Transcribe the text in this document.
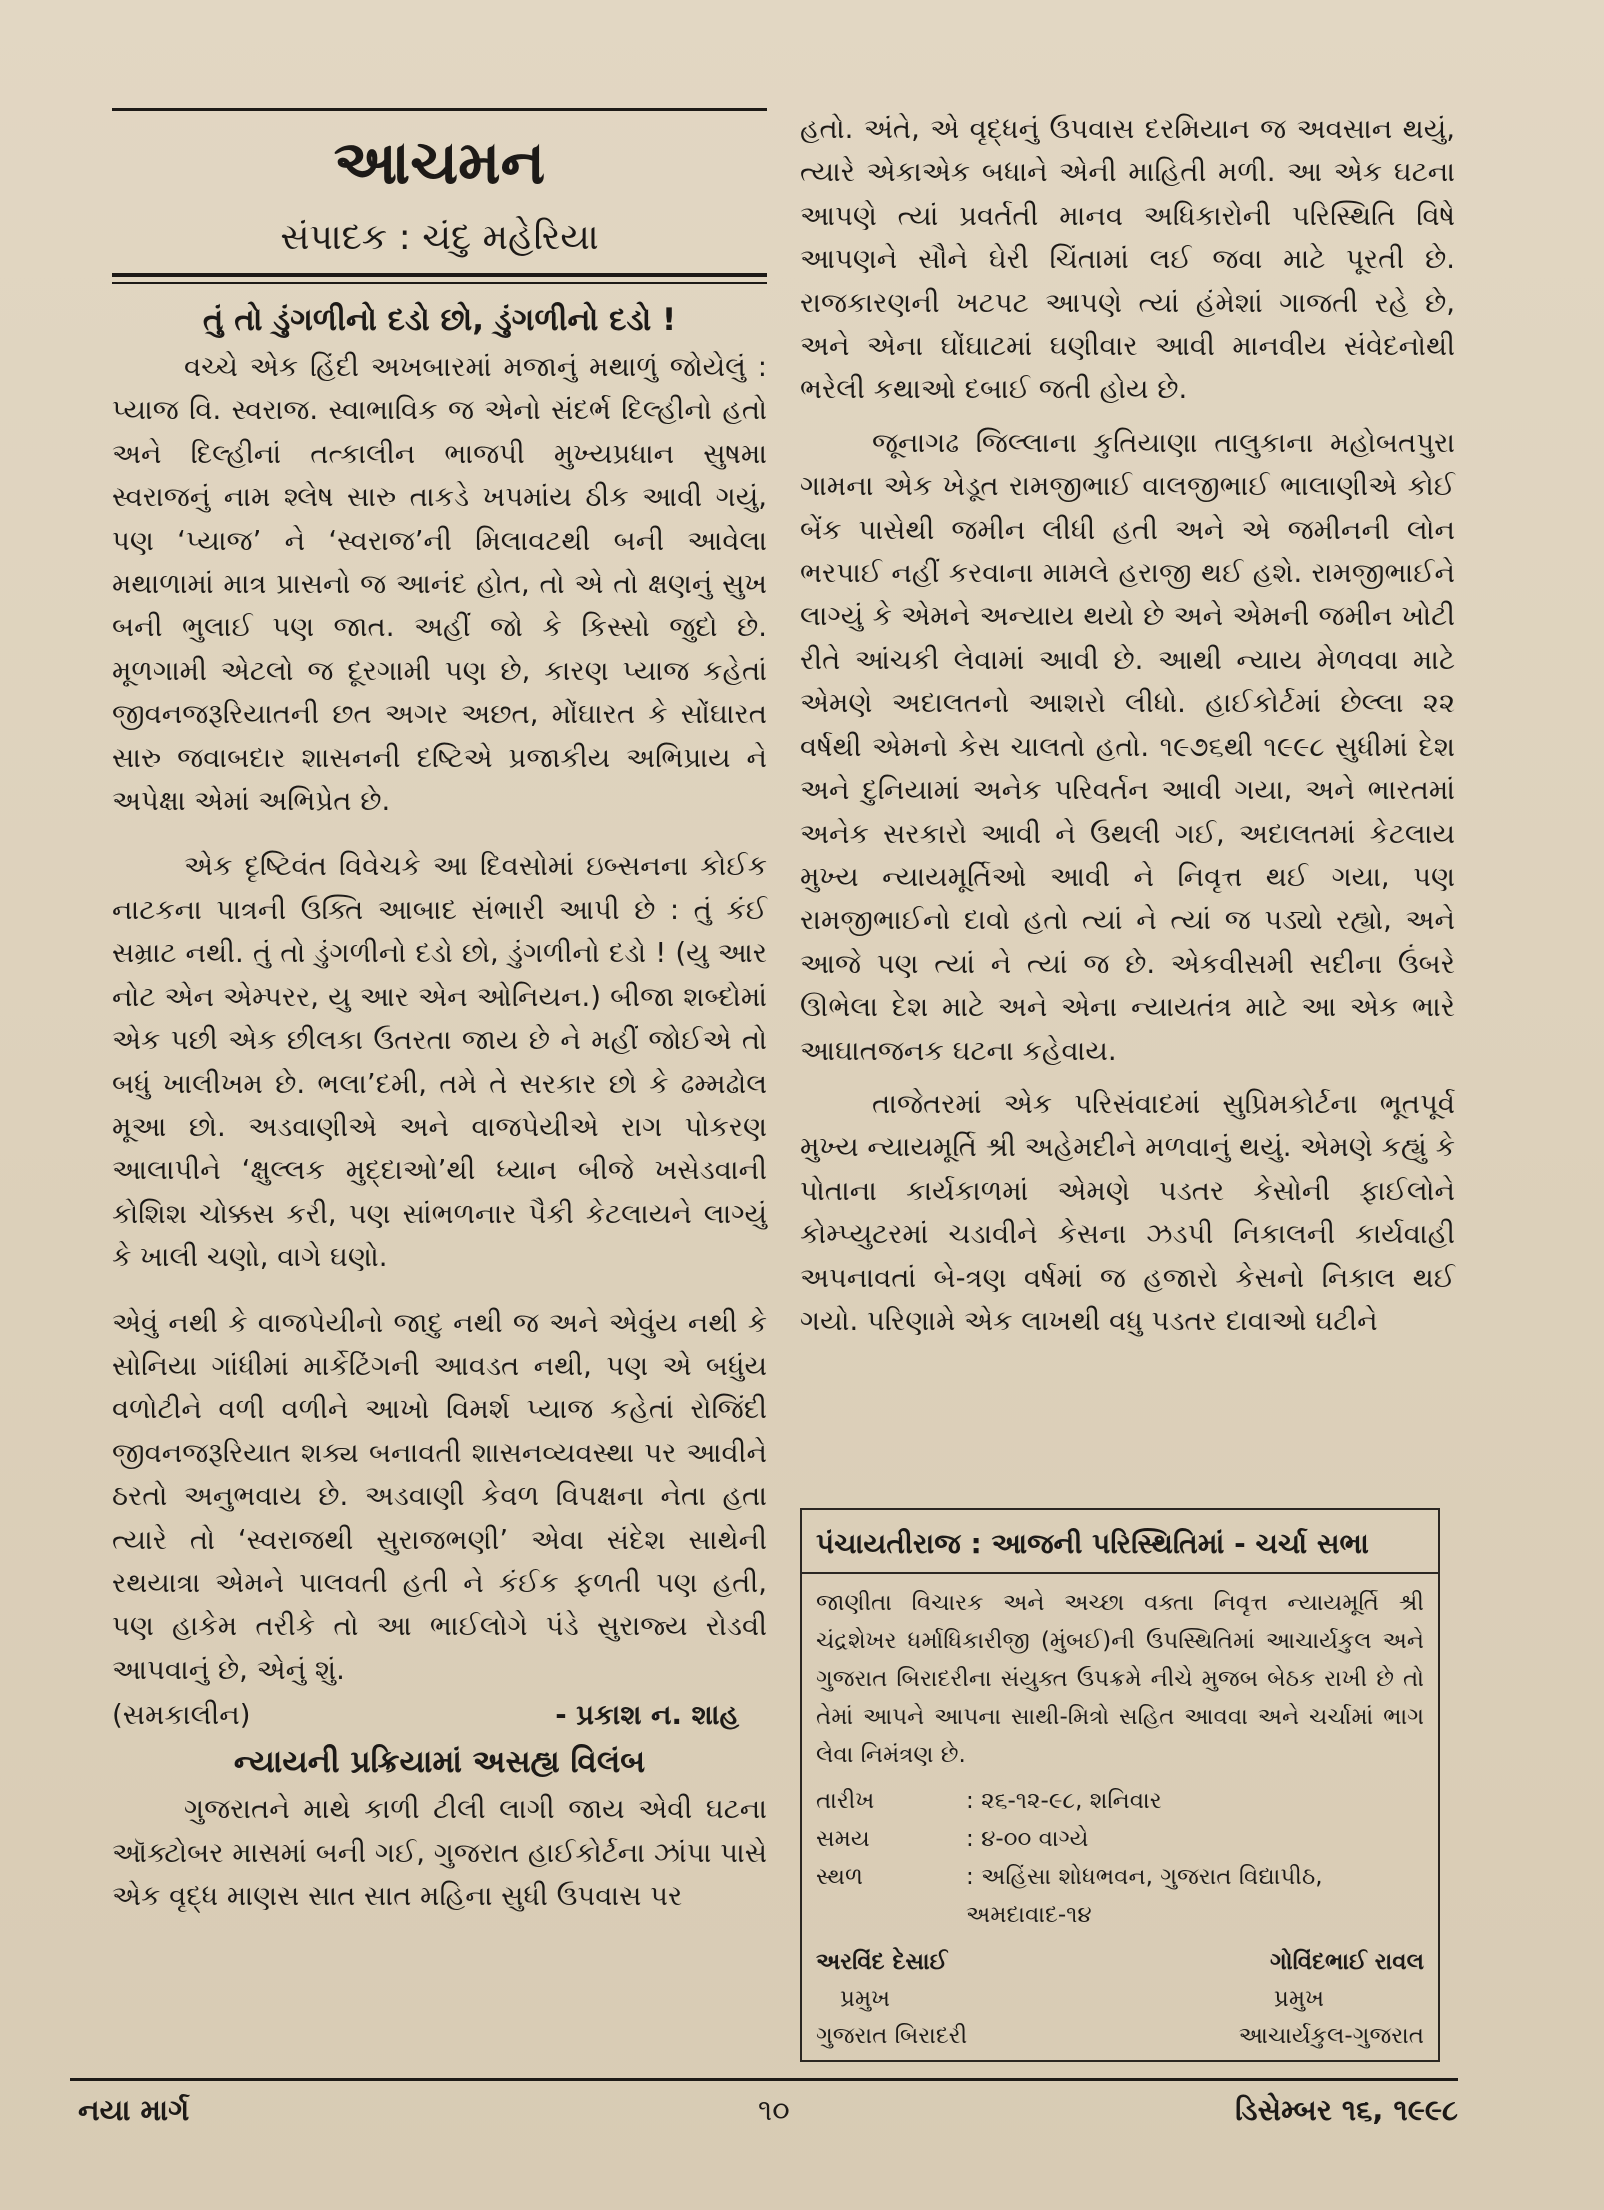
આચમન
સંપાદક : ચંદુ મહેરિયા
તું તો ડુંગળીનો દડો છો, ડુંગળીનો દડો !

વચ્ચે એક હિંદી અખબારમાં મજાનું મથાળું જોયેલું : પ્યાજ વિ. સ્વરાજ. સ્વાભાવિક જ એનો સંદર્ભ દિલ્હીનો હતો અને દિલ્હીનાં તત્કાલીન ભાજપી મુખ્યપ્રધાન સુષમા સ્વરાજનું નામ શ્લેષ સારુ તાકડે ખપમાંય ઠીક આવી ગયું, પણ ‘પ્યાજ’ ને ‘સ્વરાજ’ની મિલાવટથી બની આવેલા મથાળામાં માત્ર પ્રાસનો જ આનંદ હોત, તો એ તો ક્ષણનું સુખ બની ભુલાઈ પણ જાત. અહીં જો કે કિસ્સો જુદો છે. મૂળગામી એટલો જ દૂરગામી પણ છે, કારણ પ્યાજ કહેતાં જીવનજરૂરિયાતની છત અગર અછત, મોંઘારત કે સોંઘારત સારુ જવાબદાર શાસનની દષ્ટિએ પ્રજાકીય અભિપ્રાય ને અપેક્ષા એમાં અભિપ્રેત છે.

એક દૃષ્ટિવંત વિવેચકે આ દિવસોમાં ઇબ્સનના કોઈક નાટકના પાત્રની ઉક્તિ આબાદ સંભારી આપી છે : તું કંઈ સમ્રાટ નથી. તું તો ડુંગળીનો દડો છો, ડુંગળીનો દડો ! (યુ આર નોટ એન એમ્પરર, યુ આર એન ઓનિયન.) બીજા શબ્દોમાં એક પછી એક છીલકા ઉતરતા જાય છે ને મહીં જોઈએ તો બધું ખાલીખમ છે. ભલા’દમી, તમે તે સરકાર છો કે ઢમ્મઢોલ મૂઆ છો. અડવાણીએ અને વાજપેયીએ રાગ પોકરણ આલાપીને ‘ક્ષુલ્લક મુદ્દાઓ’થી ધ્યાન બીજે ખસેડવાની કોશિશ ચોક્કસ કરી, પણ સાંભળનાર પૈકી કેટલાયને લાગ્યું કે ખાલી ચણો, વાગે ઘણો.

એવું નથી કે વાજપેયીનો જાદુ નથી જ અને એવુંય નથી કે સોનિયા ગાંધીમાં માર્કેટિંગની આવડત નથી, પણ એ બધુંય વળોટીને વળી વળીને આખો વિમર્શ પ્યાજ કહેતાં રોજિંદી જીવનજરૂરિયાત શક્ય બનાવતી શાસનવ્યવસ્થા પર આવીને ઠરતો અનુભવાય છે. અડવાણી કેવળ વિપક્ષના નેતા હતા ત્યારે તો ‘સ્વરાજથી સુરાજભણી’ એવા સંદેશ સાથેની રથયાત્રા એમને પાલવતી હતી ને કંઈક ફળતી પણ હતી, પણ હાકેમ તરીકે તો આ ભાઈલોગે પંડે સુરાજ્ય રોડવી આપવાનું છે, એનું શું.

(સમકાલીન)	- પ્રકાશ ન. શાહ
ન્યાયની પ્રક્રિયામાં અસહ્ય વિલંબ

ગુજરાતને માથે કાળી ટીલી લાગી જાય એવી ઘટના ઑક્ટોબર માસમાં બની ગઈ, ગુજરાત હાઈકોર્ટના ઝાંપા પાસે એક વૃદ્ધ માણસ સાત સાત મહિના સુધી ઉપવાસ પર

હતો. અંતે, એ વૃદ્ધનું ઉપવાસ દરમિયાન જ અવસાન થયું, ત્યારે એકાએક બધાને એની માહિતી મળી. આ એક ઘટના આપણે ત્યાં પ્રવર્તતી માનવ અધિકારોની પરિસ્થિતિ વિષે આપણને સૌને ઘેરી ચિંતામાં લઈ જવા માટે પૂરતી છે. રાજકારણની ખટપટ આપણે ત્યાં હંમેશાં ગાજતી રહે છે, અને એના ઘોંઘાટમાં ઘણીવાર આવી માનવીય સંવેદનોથી ભરેલી કથાઓ દબાઈ જતી હોય છે.

જૂનાગઢ જિલ્લાના કુતિયાણા તાલુકાના મહોબતપુરા ગામના એક ખેડૂત રામજીભાઈ વાલજીભાઈ ભાલાણીએ કોઈ બેંક પાસેથી જમીન લીધી હતી અને એ જમીનની લોન ભરપાઈ નહીં કરવાના મામલે હરાજી થઈ હશે. રામજીભાઈને લાગ્યું કે એમને અન્યાય થયો છે અને એમની જમીન ખોટી રીતે આંચકી લેવામાં આવી છે. આથી ન્યાય મેળવવા માટે એમણે અદાલતનો આશરો લીધો. હાઈકોર્ટમાં છેલ્લા ૨૨ વર્ષથી એમનો કેસ ચાલતો હતો. ૧૯૭૬થી ૧૯૯૮ સુધીમાં દેશ અને દુનિયામાં અનેક પરિવર્તન આવી ગયા, અને ભારતમાં અનેક સરકારો આવી ને ઉથલી ગઈ, અદાલતમાં કેટલાય મુખ્ય ન્યાયમૂર્તિઓ આવી ને નિવૃત્ત થઈ ગયા, પણ રામજીભાઈનો દાવો હતો ત્યાં ને ત્યાં જ પડ્યો રહ્યો, અને આજે પણ ત્યાં ને ત્યાં જ છે. એકવીસમી સદીના ઉંબરે ઊભેલા દેશ માટે અને એના ન્યાયતંત્ર માટે આ એક ભારે આઘાતજનક ઘટના કહેવાય.

તાજેતરમાં એક પરિસંવાદમાં સુપ્રિમકોર્ટના ભૂતપૂર્વ મુખ્ય ન્યાયમૂર્તિ શ્રી અહેમદીને મળવાનું થયું. એમણે કહ્યું કે પોતાના કાર્યકાળમાં એમણે પડતર કેસોની ફાઈલોને કોમ્પ્યુટરમાં ચડાવીને કેસના ઝડપી નિકાલની કાર્યવાહી અપનાવતાં બે-ત્રણ વર્ષમાં જ હજારો કેસનો નિકાલ થઈ ગયો. પરિણામે એક લાખથી વધુ પડતર દાવાઓ ઘટીને

પંચાયતીરાજ : આજની પરિસ્થિતિમાં - ચર્ચા સભા

જાણીતા વિચારક અને અચ્છા વક્તા નિવૃત્ત ન્યાયમૂર્તિ શ્રી ચંદ્રશેખર ધર્માધિકારીજી (મુંબઈ)ની ઉપસ્થિતિમાં આચાર્યકુલ અને ગુજરાત બિરાદરીના સંયુક્ત ઉપક્રમે નીચે મુજબ બેઠક રાખી છે તો તેમાં આપને આપના સાથી-મિત્રો સહિત આવવા અને ચર્ચામાં ભાગ લેવા નિમંત્રણ છે.

તારીખ	: ૨૬-૧૨-૯૮, શનિવાર
સમય	: ૪-૦૦ વાગ્યે
સ્થળ	: અહિંસા શોધભવન, ગુજરાત વિદ્યાપીઠ, અમદાવાદ-૧૪
અરવિંદ દેસાઈ	ગોવિંદભાઈ રાવલ
પ્રમુખ	પ્રમુખ
ગુજરાત બિરાદરી	આચાર્યકુલ-ગુજરાત
નયા માર્ગ	૧૦	ડિસેમ્બર ૧૬, ૧૯૯૮
